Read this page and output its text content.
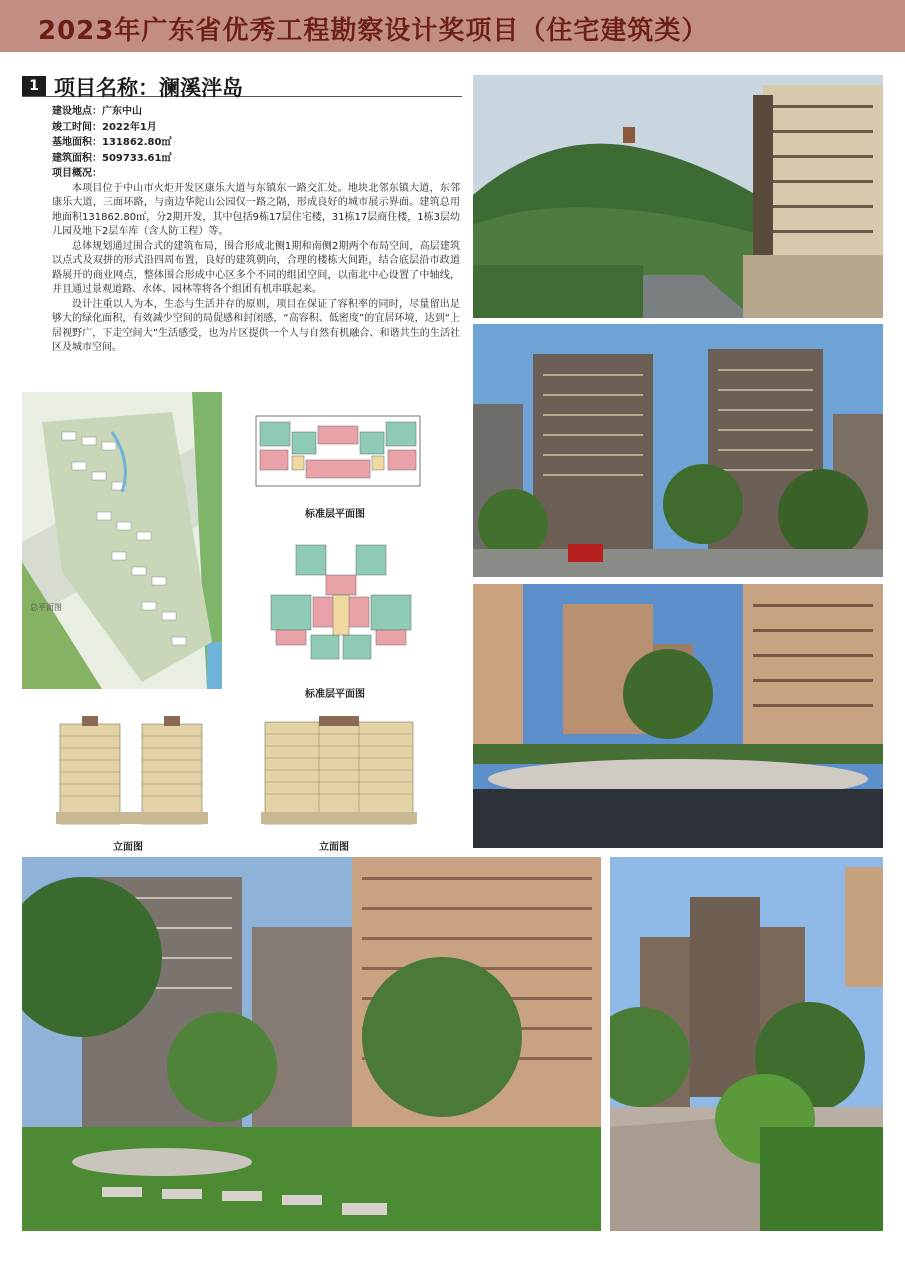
2023年广东省优秀工程勘察设计奖项目（住宅建筑类）
1 项目名称：澜溪泮岛
建设地点：广东中山
竣工时间：2022年1月
基地面积：131862.80㎡
建筑面积：509733.61㎡
项目概况：
本项目位于中山市火炬开发区康乐大道与东镇东一路交汇处。地块北邻东镇大道，东邻康乐大道，三面环路，与南边华陀山公园仅一路之隔，形成良好的城市展示界面。建筑总用地面积131862.80㎡，分2期开发，其中包括9栋17层住宅楼，31栋17层商住楼，1栋3层幼儿园及地下2层车库（含人防工程）等。
总体规划通过围合式的建筑布局，围合形成北侧1期和南侧2期两个布局空间，高层建筑以点式及双拼的形式沿四周布置，良好的建筑朝向，合理的楼栋大间距，结合底层沿市政道路展开的商业网点，整体围合形成中心区多个不同的组团空间，以南北中心设置了中轴线，并且通过景观道路、水体、园林等将各个组团有机串联起来。
设计注重以人为本，生态与生活并存的原则，项目在保证了容积率的同时，尽量留出足够大的绿化面积，有效减少空间的局促感和封闭感，“高容积、低密度”的宜居环境，达到“上居视野广，下走空间大”生活感受，也为片区提供一个人与自然有机融合、和谐共生的生活社区及城市空间。
总平面图
标准层平面图
标准层平面图
立面图	立面图
